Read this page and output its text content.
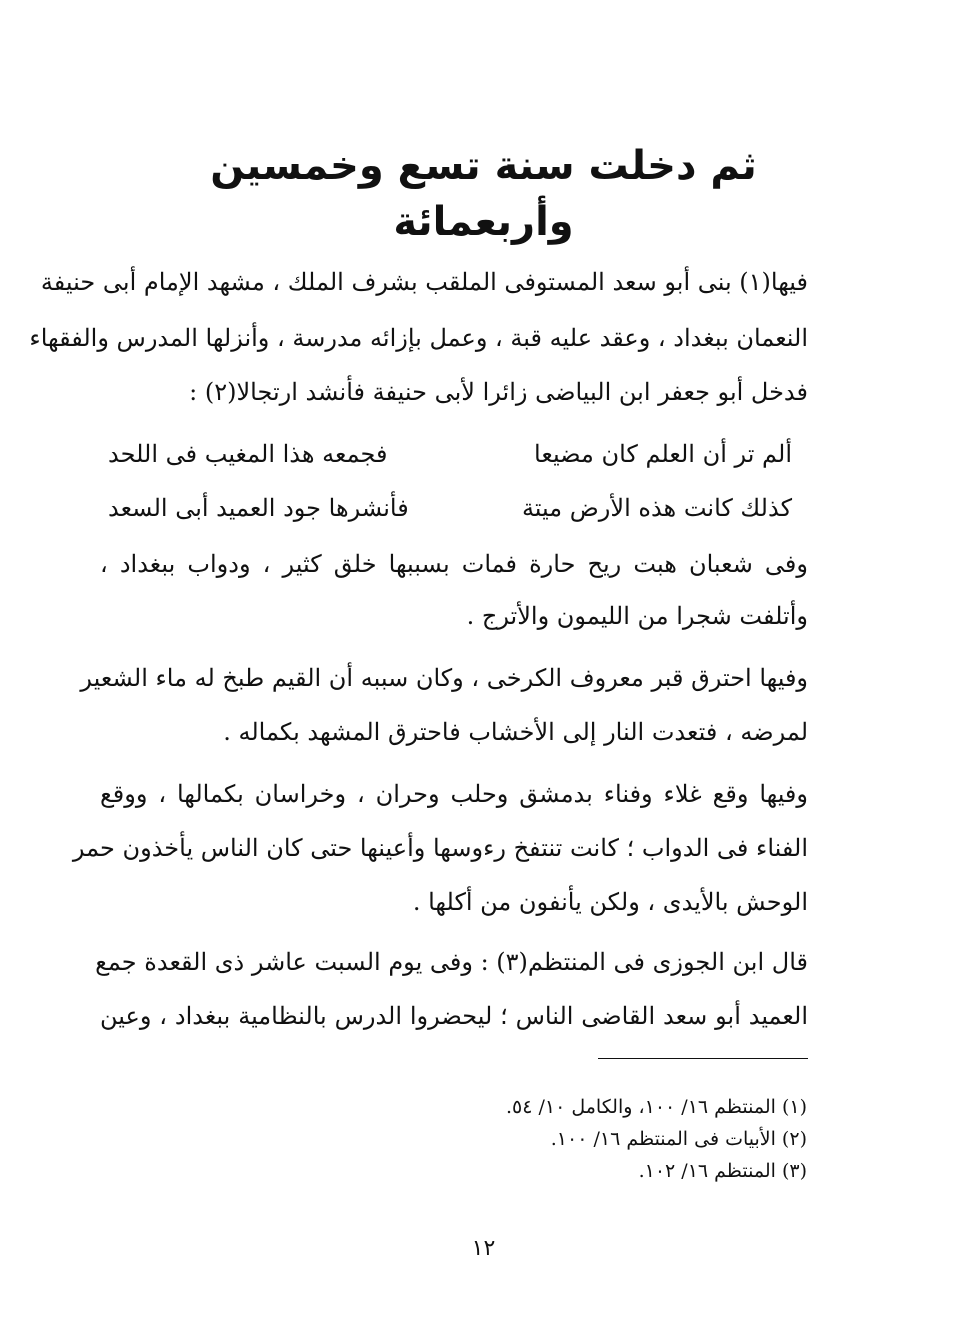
ثم دخلت سنة تسع وخمسين وأربعمائة
فيها(١) بنى أبو سعد المستوفى الملقب بشرف الملك ، مشهد الإمام أبى حنيفة
النعمان ببغداد ، وعقد عليه قبة ، وعمل بإزائه مدرسة ، وأنزلها المدرس والفقهاء
فدخل أبو جعفر ابن البياضى زائرا لأبى حنيفة فأنشد ارتجالا(٢) :
ألم تر أن العلم كان مضيعا
فجمعه هذا المغيب فى اللحد
كذلك كانت هذه الأرض ميتة
فأنشرها جود العميد أبى السعد
وفى شعبان هبت ريح حارة فمات بسببها خلق كثير ، ودواب ببغداد ،
وأتلفت شجرا من الليمون والأترج .
وفيها احترق قبر معروف الكرخى ، وكان سببه أن القيم طبخ له ماء الشعير
لمرضه ، فتعدت النار إلى الأخشاب فاحترق المشهد بكماله .
وفيها وقع غلاء وفناء بدمشق وحلب وحران ، وخراسان بكمالها ، ووقع
الفناء فى الدواب ؛ كانت تنتفخ رءوسها وأعينها حتى كان الناس يأخذون حمر
الوحش بالأيدى ، ولكن يأنفون من أكلها .
قال ابن الجوزى فى المنتظم(٣) : وفى يوم السبت عاشر ذى القعدة جمع
العميد أبو سعد القاضى الناس ؛ ليحضروا الدرس بالنظامية ببغداد ، وعين
(١) المنتظم ١٦/ ١٠٠، والكامل ١٠/ ٥٤.
(٢) الأبيات فى المنتظم ١٦/ ١٠٠.
(٣) المنتظم ١٦/ ١٠٢.
١٢
